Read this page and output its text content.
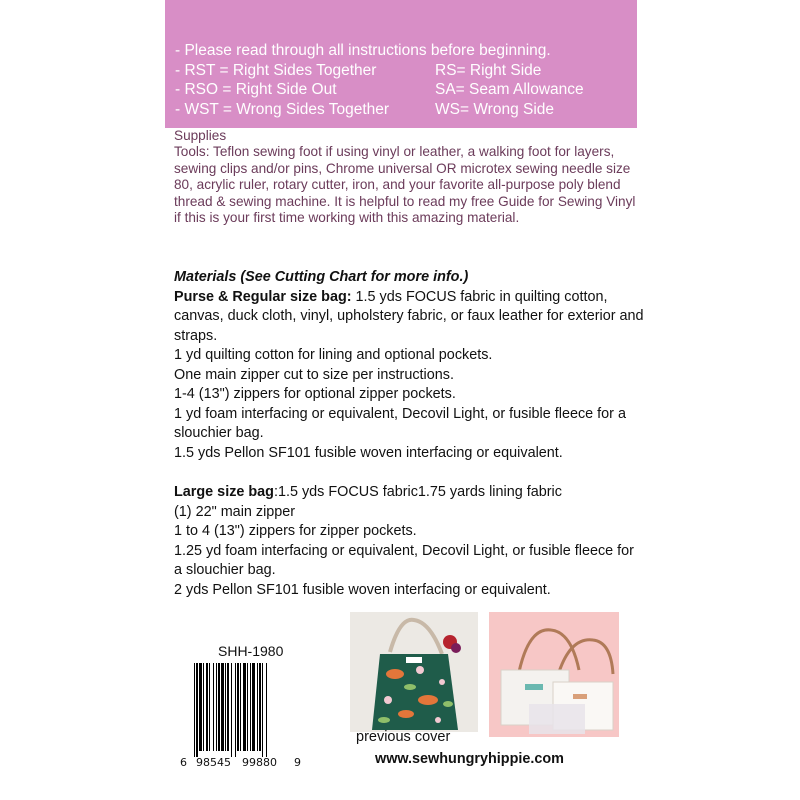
- Please read through all instructions before beginning.
- RST = Right Sides Together	RS= Right Side
- RSO = Right Side Out	SA= Seam Allowance
- WST = Wrong Sides Together	WS= Wrong Side
Supplies
Tools: Teflon sewing foot if using vinyl or leather, a walking foot for layers, sewing clips and/or pins, Chrome universal OR microtex sewing needle size 80, acrylic ruler, rotary cutter, iron, and your favorite all-purpose poly blend thread & sewing machine. It is helpful to read my free Guide for Sewing Vinyl if this is your first time working with this amazing material.
Materials (See Cutting Chart for more info.)

Purse & Regular size bag: 1.5 yds FOCUS fabric in quilting cotton, canvas, duck cloth, vinyl, upholstery fabric, or faux leather for exterior and straps.

1 yd quilting cotton for lining and optional pockets.

One main zipper cut to size per instructions.

1-4 (13") zippers for optional zipper pockets.

1 yd foam interfacing or equivalent, Decovil Light, or fusible fleece for a slouchier bag.

1.5 yds Pellon SF101 fusible woven interfacing or equivalent.

Large size bag:1.5 yds FOCUS fabric1.75 yards lining fabric

(1) 22" main zipper

1 to 4 (13") zippers for zipper pockets.

1.25 yd foam interfacing or equivalent, Decovil Light, or fusible fleece for a slouchier bag.

2 yds Pellon SF101 fusible woven interfacing or equivalent.

SHH-1980
6 98545 99880 9
previous cover
www.sewhungryhippie.com
